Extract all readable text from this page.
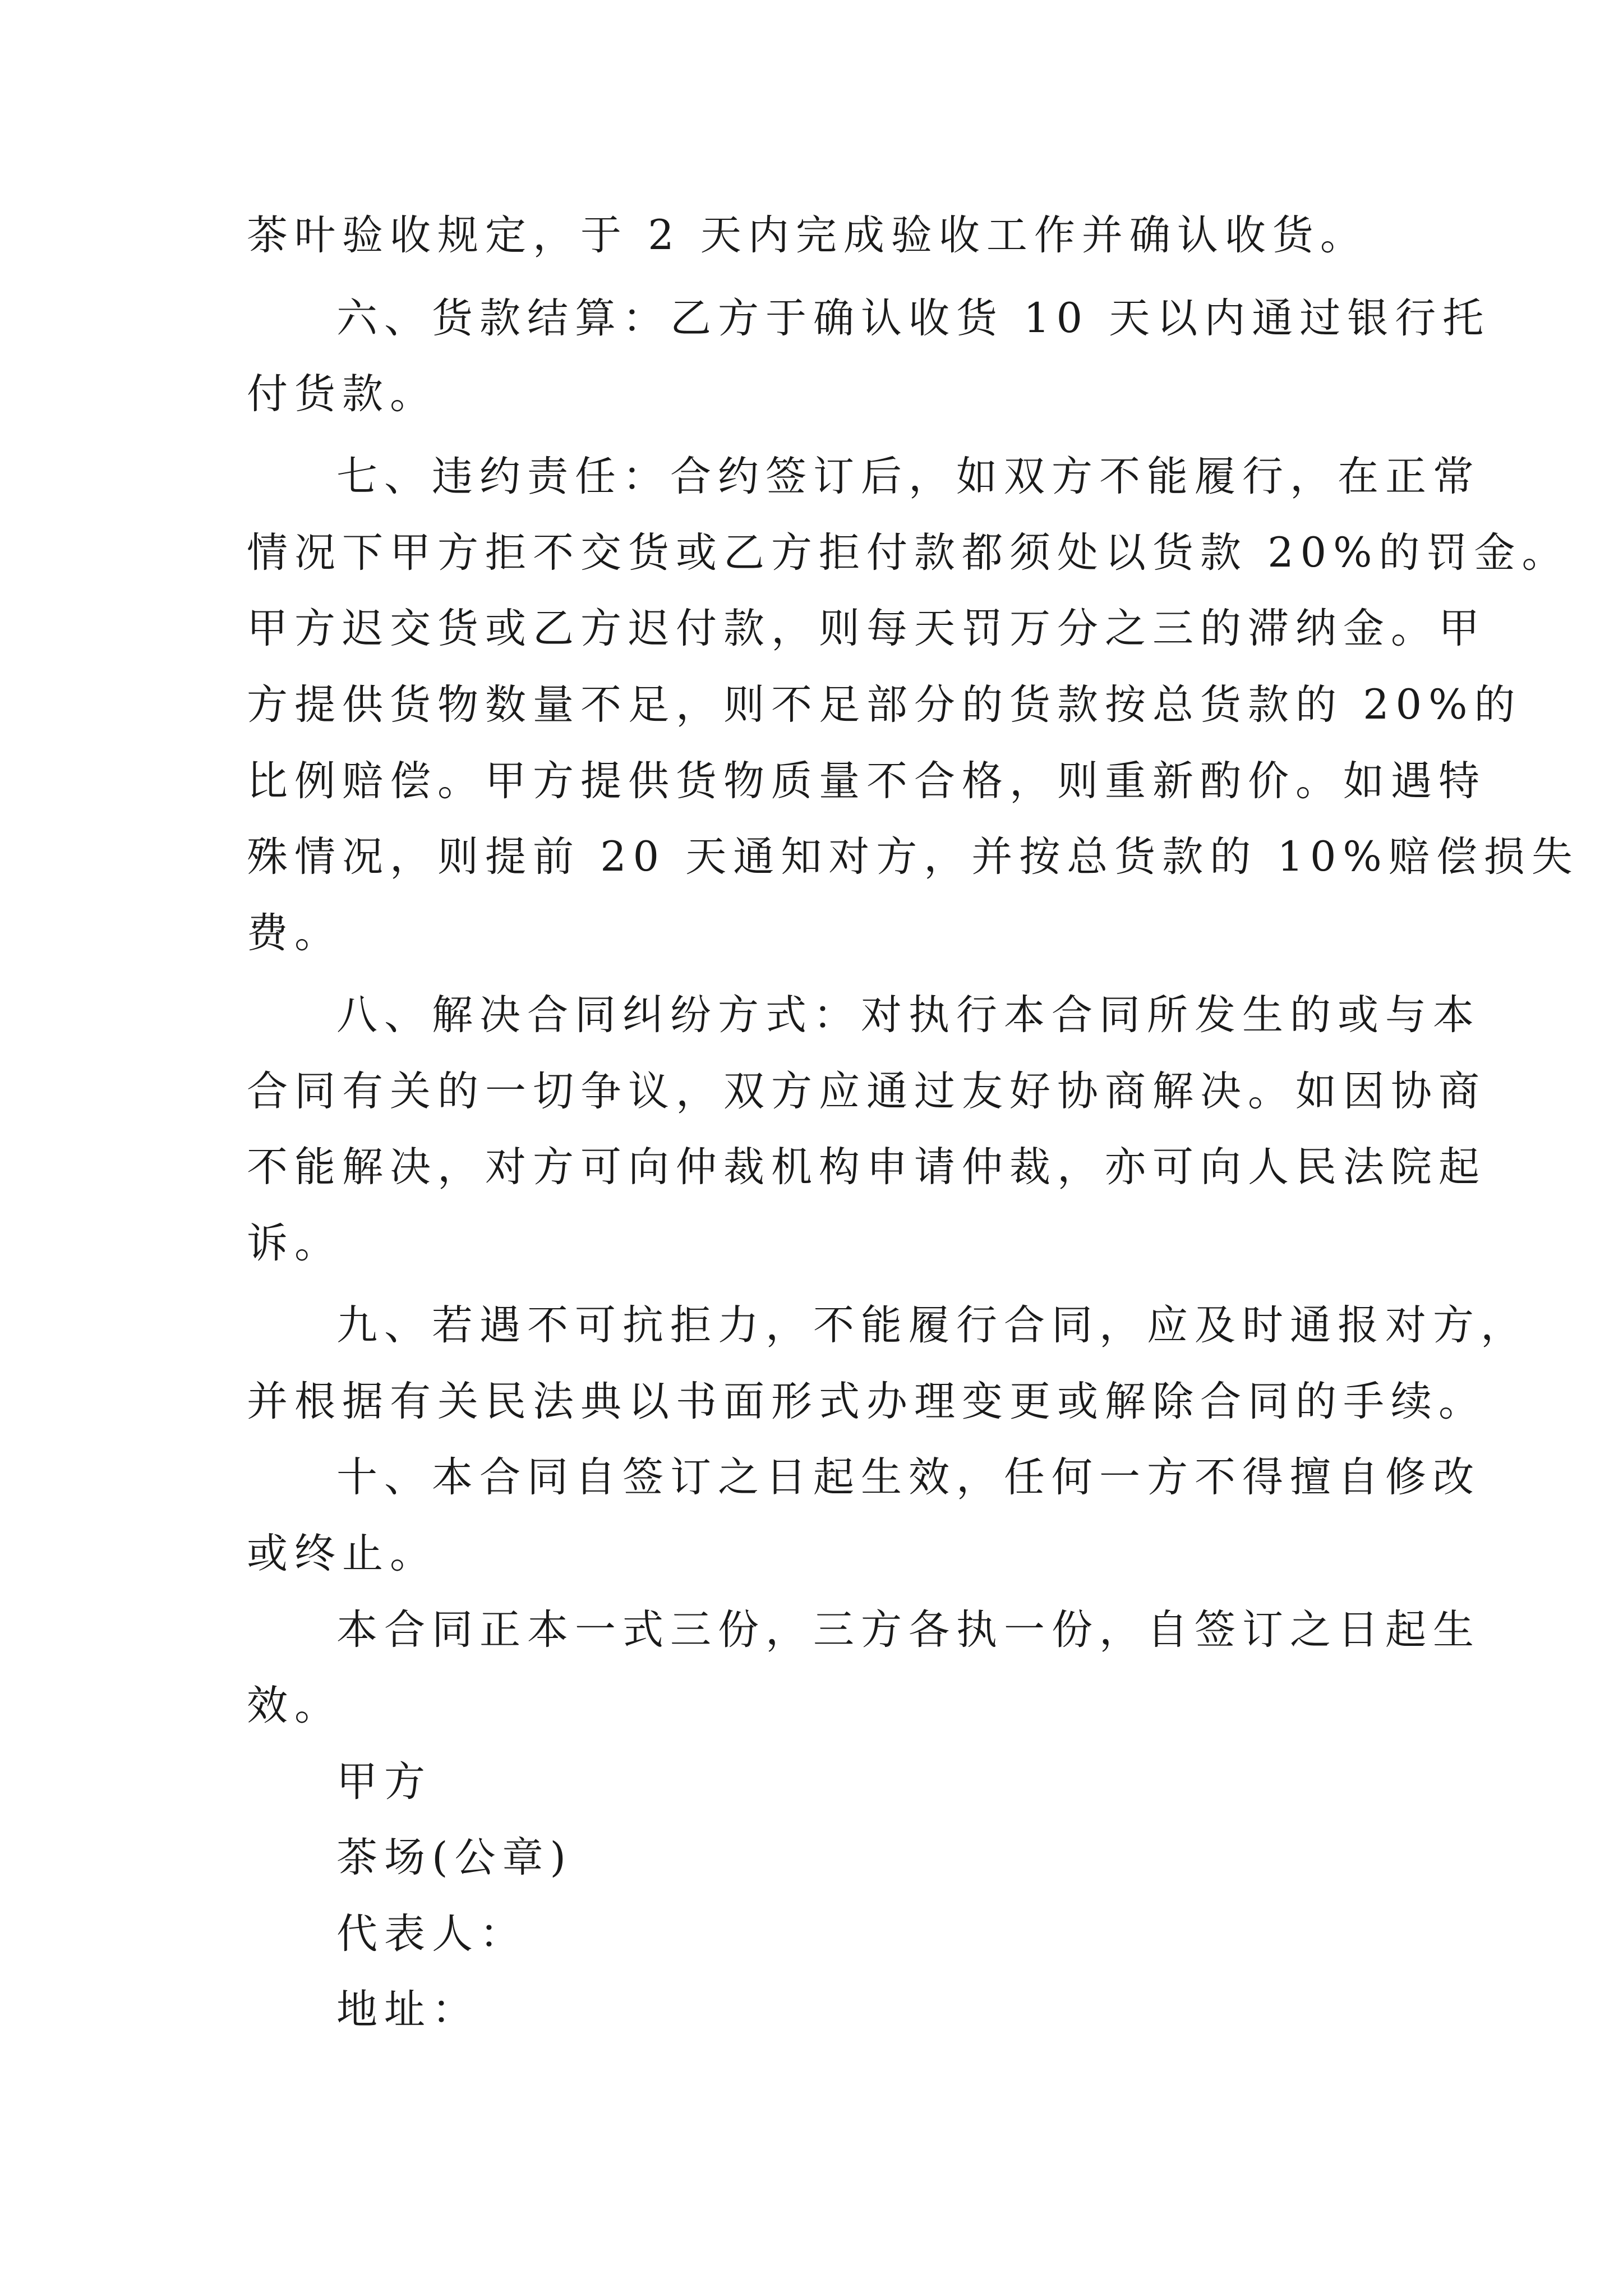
茶叶验收规定，于 2 天内完成验收工作并确认收货。
六、货款结算：乙方于确认收货 10 天以内通过银行托
付货款。
七、违约责任：合约签订后，如双方不能履行，在正常
情况下甲方拒不交货或乙方拒付款都须处以货款 20%的罚金。
甲方迟交货或乙方迟付款，则每天罚万分之三的滞纳金。甲
方提供货物数量不足，则不足部分的货款按总货款的 20%的
比例赔偿。甲方提供货物质量不合格，则重新酌价。如遇特
殊情况，则提前 20 天通知对方，并按总货款的 10%赔偿损失
费。
八、解决合同纠纷方式：对执行本合同所发生的或与本
合同有关的一切争议，双方应通过友好协商解决。如因协商
不能解决，对方可向仲裁机构申请仲裁，亦可向人民法院起
诉。
九、若遇不可抗拒力，不能履行合同，应及时通报对方，
并根据有关民法典以书面形式办理变更或解除合同的手续。
十、本合同自签订之日起生效，任何一方不得擅自修改
或终止。
本合同正本一式三份，三方各执一份，自签订之日起生
效。
甲方
茶场(公章)
代表人：
地址：
